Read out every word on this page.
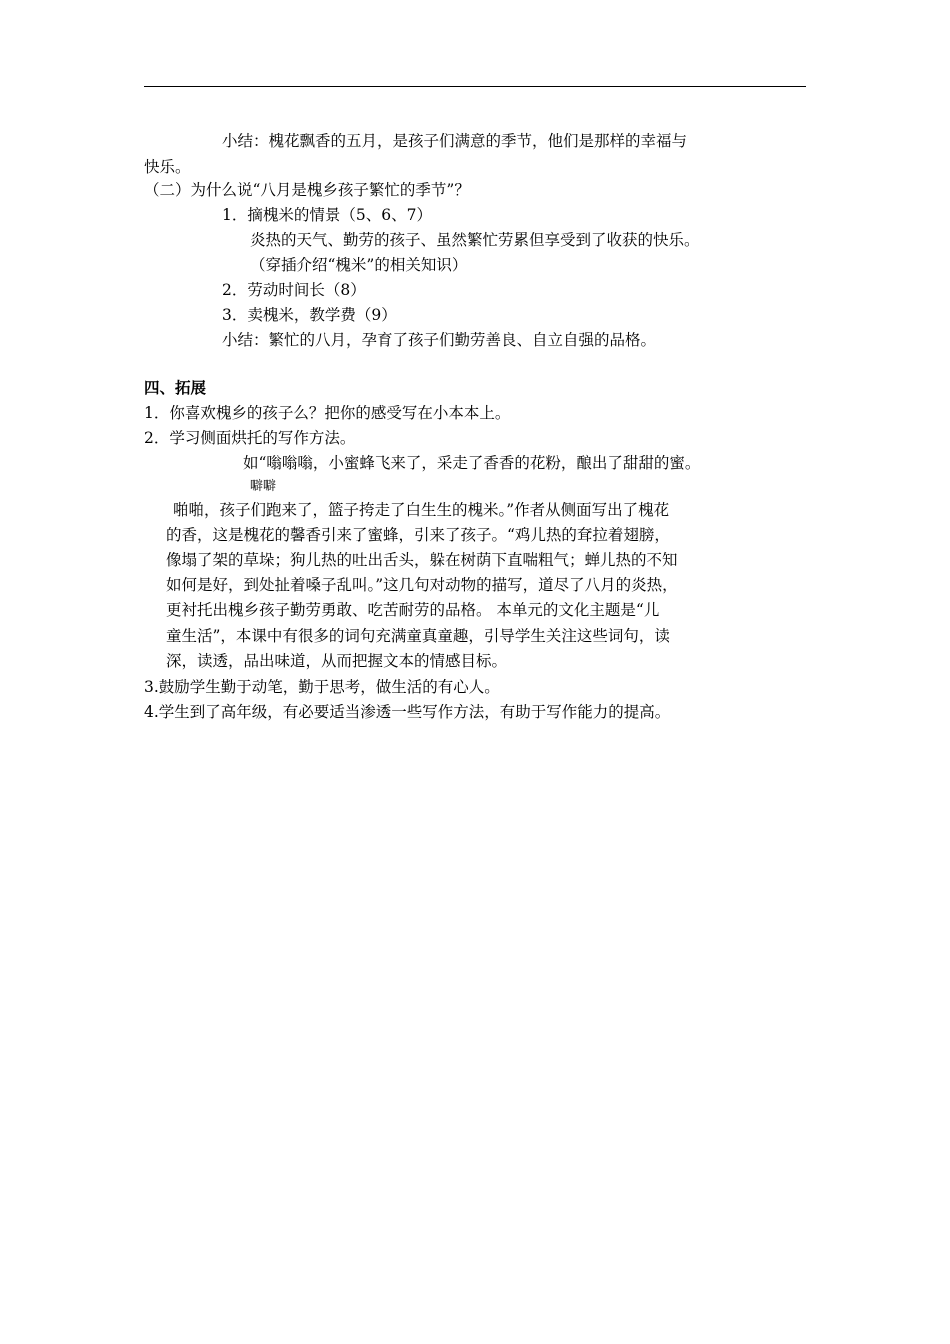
小结：槐花飘香的五月，是孩子们满意的季节，他们是那样的幸福与
快乐。
（二）为什么说“八月是槐乡孩子繁忙的季节”？
1．摘槐米的情景（5、6、7）
炎热的天气、勤劳的孩子、虽然繁忙劳累但享受到了收获的快乐。
（穿插介绍“槐米”的相关知识）
2．劳动时间长（8）
3．卖槐米，教学费（9）
小结：繁忙的八月，孕育了孩子们勤劳善良、自立自强的品格。
四、拓展
1．你喜欢槐乡的孩子么？把你的感受写在小本本上。
2．学习侧面烘托的写作方法。
如“嗡嗡嗡，小蜜蜂飞来了，采走了香香的花粉，酿出了甜甜的蜜。
噼噼
啪啪，孩子们跑来了，篮子挎走了白生生的槐米。”作者从侧面写出了槐花
的香，这是槐花的馨香引来了蜜蜂，引来了孩子。“鸡儿热的耷拉着翅膀，
像塌了架的草垛；狗儿热的吐出舌头，躲在树荫下直喘粗气；蝉儿热的不知
如何是好，到处扯着嗓子乱叫。”这几句对动物的描写，道尽了八月的炎热，
更衬托出槐乡孩子勤劳勇敢、吃苦耐劳的品格。 本单元的文化主题是“儿
童生活”，本课中有很多的词句充满童真童趣，引导学生关注这些词句，读
深，读透，品出味道，从而把握文本的情感目标。
3.鼓励学生勤于动笔，勤于思考，做生活的有心人。
4.学生到了高年级，有必要适当渗透一些写作方法，有助于写作能力的提高。
